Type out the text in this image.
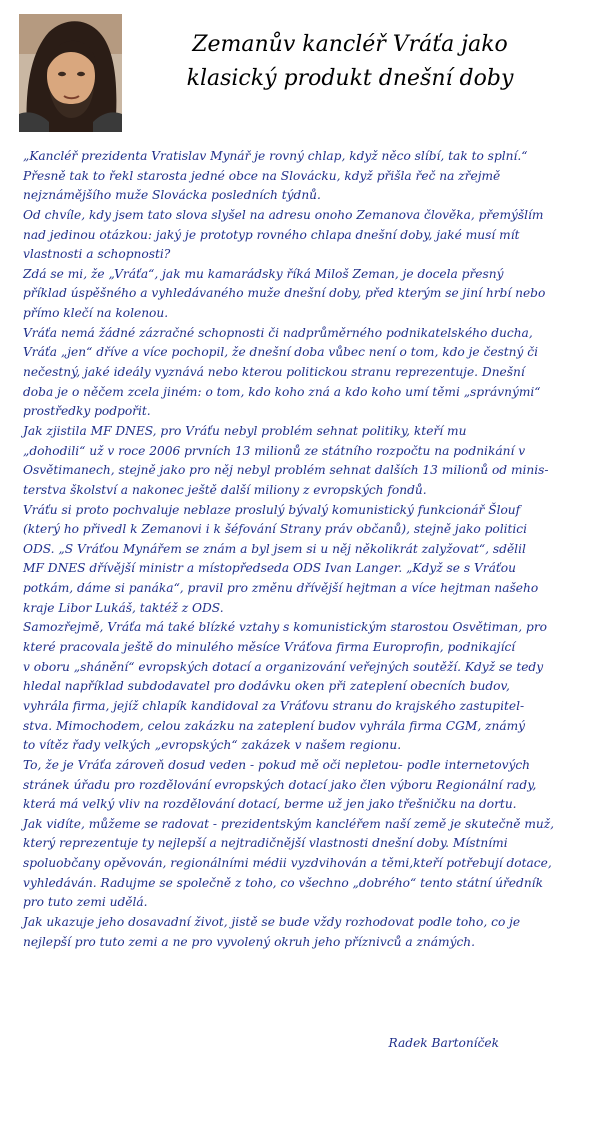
Zemanův kancléř Vráťa jako
klasický produkt dnešní doby
„Kancléř prezidenta Vratislav Mynář je rovný chlap, když něco slíbí, tak to splní.“
Přesně tak to řekl starosta jedné obce na Slovácku, když přišla řeč na zřejmě
nejznámějšího muže Slovácka posledních týdnů.
Od chvíle, kdy jsem tato slova slyšel na adresu onoho Zemanova člověka, přemýšlím
nad jedinou otázkou: jaký je prototyp rovného chlapa dnešní doby, jaké musí mít
vlastnosti a schopnosti?
Zdá se mi, že „Vráťa“, jak mu kamarádsky říká Miloš Zeman, je docela přesný
příklad úspěšného a vyhledávaného muže dnešní doby, před kterým se jiní hrbí nebo
přímo klečí na kolenou.
Vráťa nemá žádné zázračné schopnosti či nadprůměrného podnikatelského ducha,
Vráťa „jen“ dříve a více pochopil, že dnešní doba vůbec není o tom, kdo je čestný či
nečestný, jaké ideály vyznává nebo kterou politickou stranu reprezentuje. Dnešní
doba je o něčem zcela jiném: o tom, kdo koho zná a kdo koho umí těmi „správnými“
prostředky podpořit.
Jak zjistila MF DNES, pro Vráťu nebyl problém sehnat politiky, kteří mu
„dohodili“ už v roce 2006 prvních 13 milionů ze státního rozpočtu na podnikání v
Osvětimanech, stejně jako pro něj nebyl problém sehnat dalších 13 milionů od minis-
terstva školství a nakonec ještě další miliony z evropských fondů.
Vráťu si proto pochvaluje neblaze proslulý bývalý komunistický funkcionář Šlouf
(který ho přivedl k Zemanovi i k šéfování Strany práv občanů), stejně jako politici
ODS. „S Vráťou Mynářem se znám a byl jsem si u něj několikrát zalyžovat“, sdělil
MF DNES dřívější ministr a místopředseda ODS Ivan Langer. „Když se s Vráťou
potkám, dáme si panáka“, pravil pro změnu dřívější hejtman a více hejtman našeho
kraje Libor Lukáš, taktéž z ODS.
Samozřejmě, Vráťa má také blízké vztahy s komunistickým starostou Osvětiman, pro
které pracovala ještě do minulého měsíce Vráťova firma Europrofin, podnikající
v oboru „shánění“ evropských dotací a organizování veřejných soutěží. Když se tedy
hledal například subdodavatel pro dodávku oken při zateplení obecních budov,
vyhrála firma, jejíž chlapík kandidoval za Vráťovu stranu do krajského zastupitel-
stva. Mimochodem, celou zakázku na zateplení budov vyhrála firma CGM, známý
to vítěz řady velkých „evropských“ zakázek v našem regionu.
To, že je Vráťa zároveň dosud veden - pokud mě oči nepletou- podle internetových
stránek úřadu pro rozdělování evropských dotací jako člen výboru Regionální rady,
která má velký vliv na rozdělování dotací, berme už jen jako třešničku na dortu.
Jak vidíte, můžeme se radovat - prezidentským kancléřem naší země je skutečně muž,
který reprezentuje ty nejlepší a nejtradičnější vlastnosti dnešní doby. Místními
spoluobčany opěvován, regionálními médii vyzdvihován a těmi,kteří potřebují dotace,
vyhledáván. Radujme se společně z toho, co všechno „dobrého“ tento státní úředník
pro tuto zemi udělá.
Jak ukazuje jeho dosavadní život, jistě se bude vždy rozhodovat podle toho, co je
nejlepší pro tuto zemi a ne pro vyvolený okruh jeho příznivců a známých.
Radek Bartoníček
